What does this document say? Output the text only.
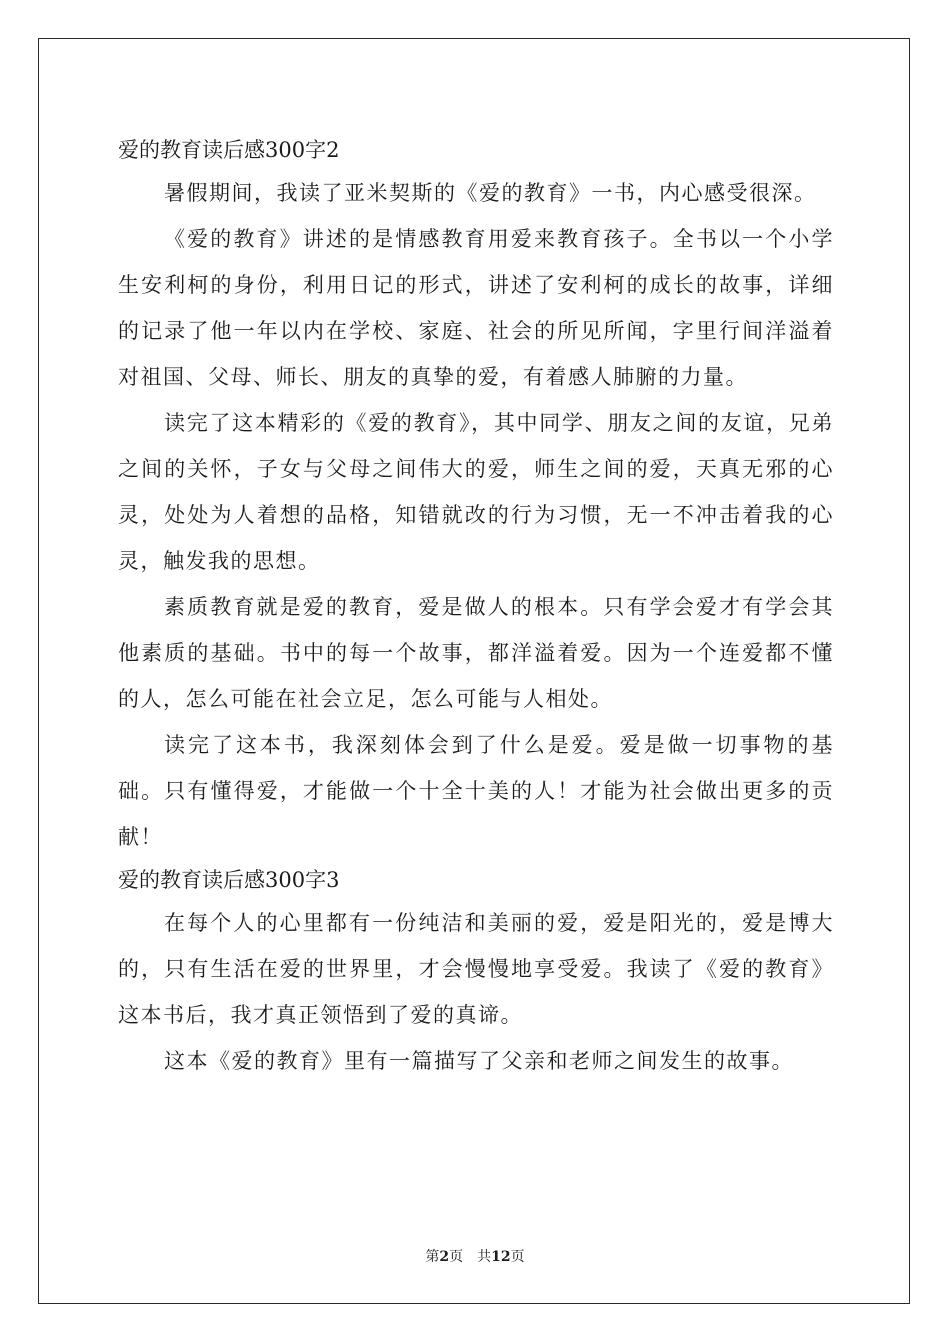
爱的教育读后感300字2

暑假期间，我读了亚米契斯的《爱的教育》一书，内心感受很深。

《爱的教育》讲述的是情感教育用爱来教育孩子。全书以一个小学生安利柯的身份，利用日记的形式，讲述了安利柯的成长的故事，详细的记录了他一年以内在学校、家庭、社会的所见所闻，字里行间洋溢着对祖国、父母、师长、朋友的真挚的爱，有着感人肺腑的力量。

读完了这本精彩的《爱的教育》，其中同学、朋友之间的友谊，兄弟之间的关怀，子女与父母之间伟大的爱，师生之间的爱，天真无邪的心灵，处处为人着想的品格，知错就改的行为习惯，无一不冲击着我的心灵，触发我的思想。

素质教育就是爱的教育，爱是做人的根本。只有学会爱才有学会其他素质的基础。书中的每一个故事，都洋溢着爱。因为一个连爱都不懂的人，怎么可能在社会立足，怎么可能与人相处。

读完了这本书，我深刻体会到了什么是爱。爱是做一切事物的基础。只有懂得爱，才能做一个十全十美的人！才能为社会做出更多的贡献！

爱的教育读后感300字3

在每个人的心里都有一份纯洁和美丽的爱，爱是阳光的，爱是博大的，只有生活在爱的世界里，才会慢慢地享受爱。我读了《爱的教育》这本书后，我才真正领悟到了爱的真谛。

这本《爱的教育》里有一篇描写了父亲和老师之间发生的故事。

第2页 共12页
